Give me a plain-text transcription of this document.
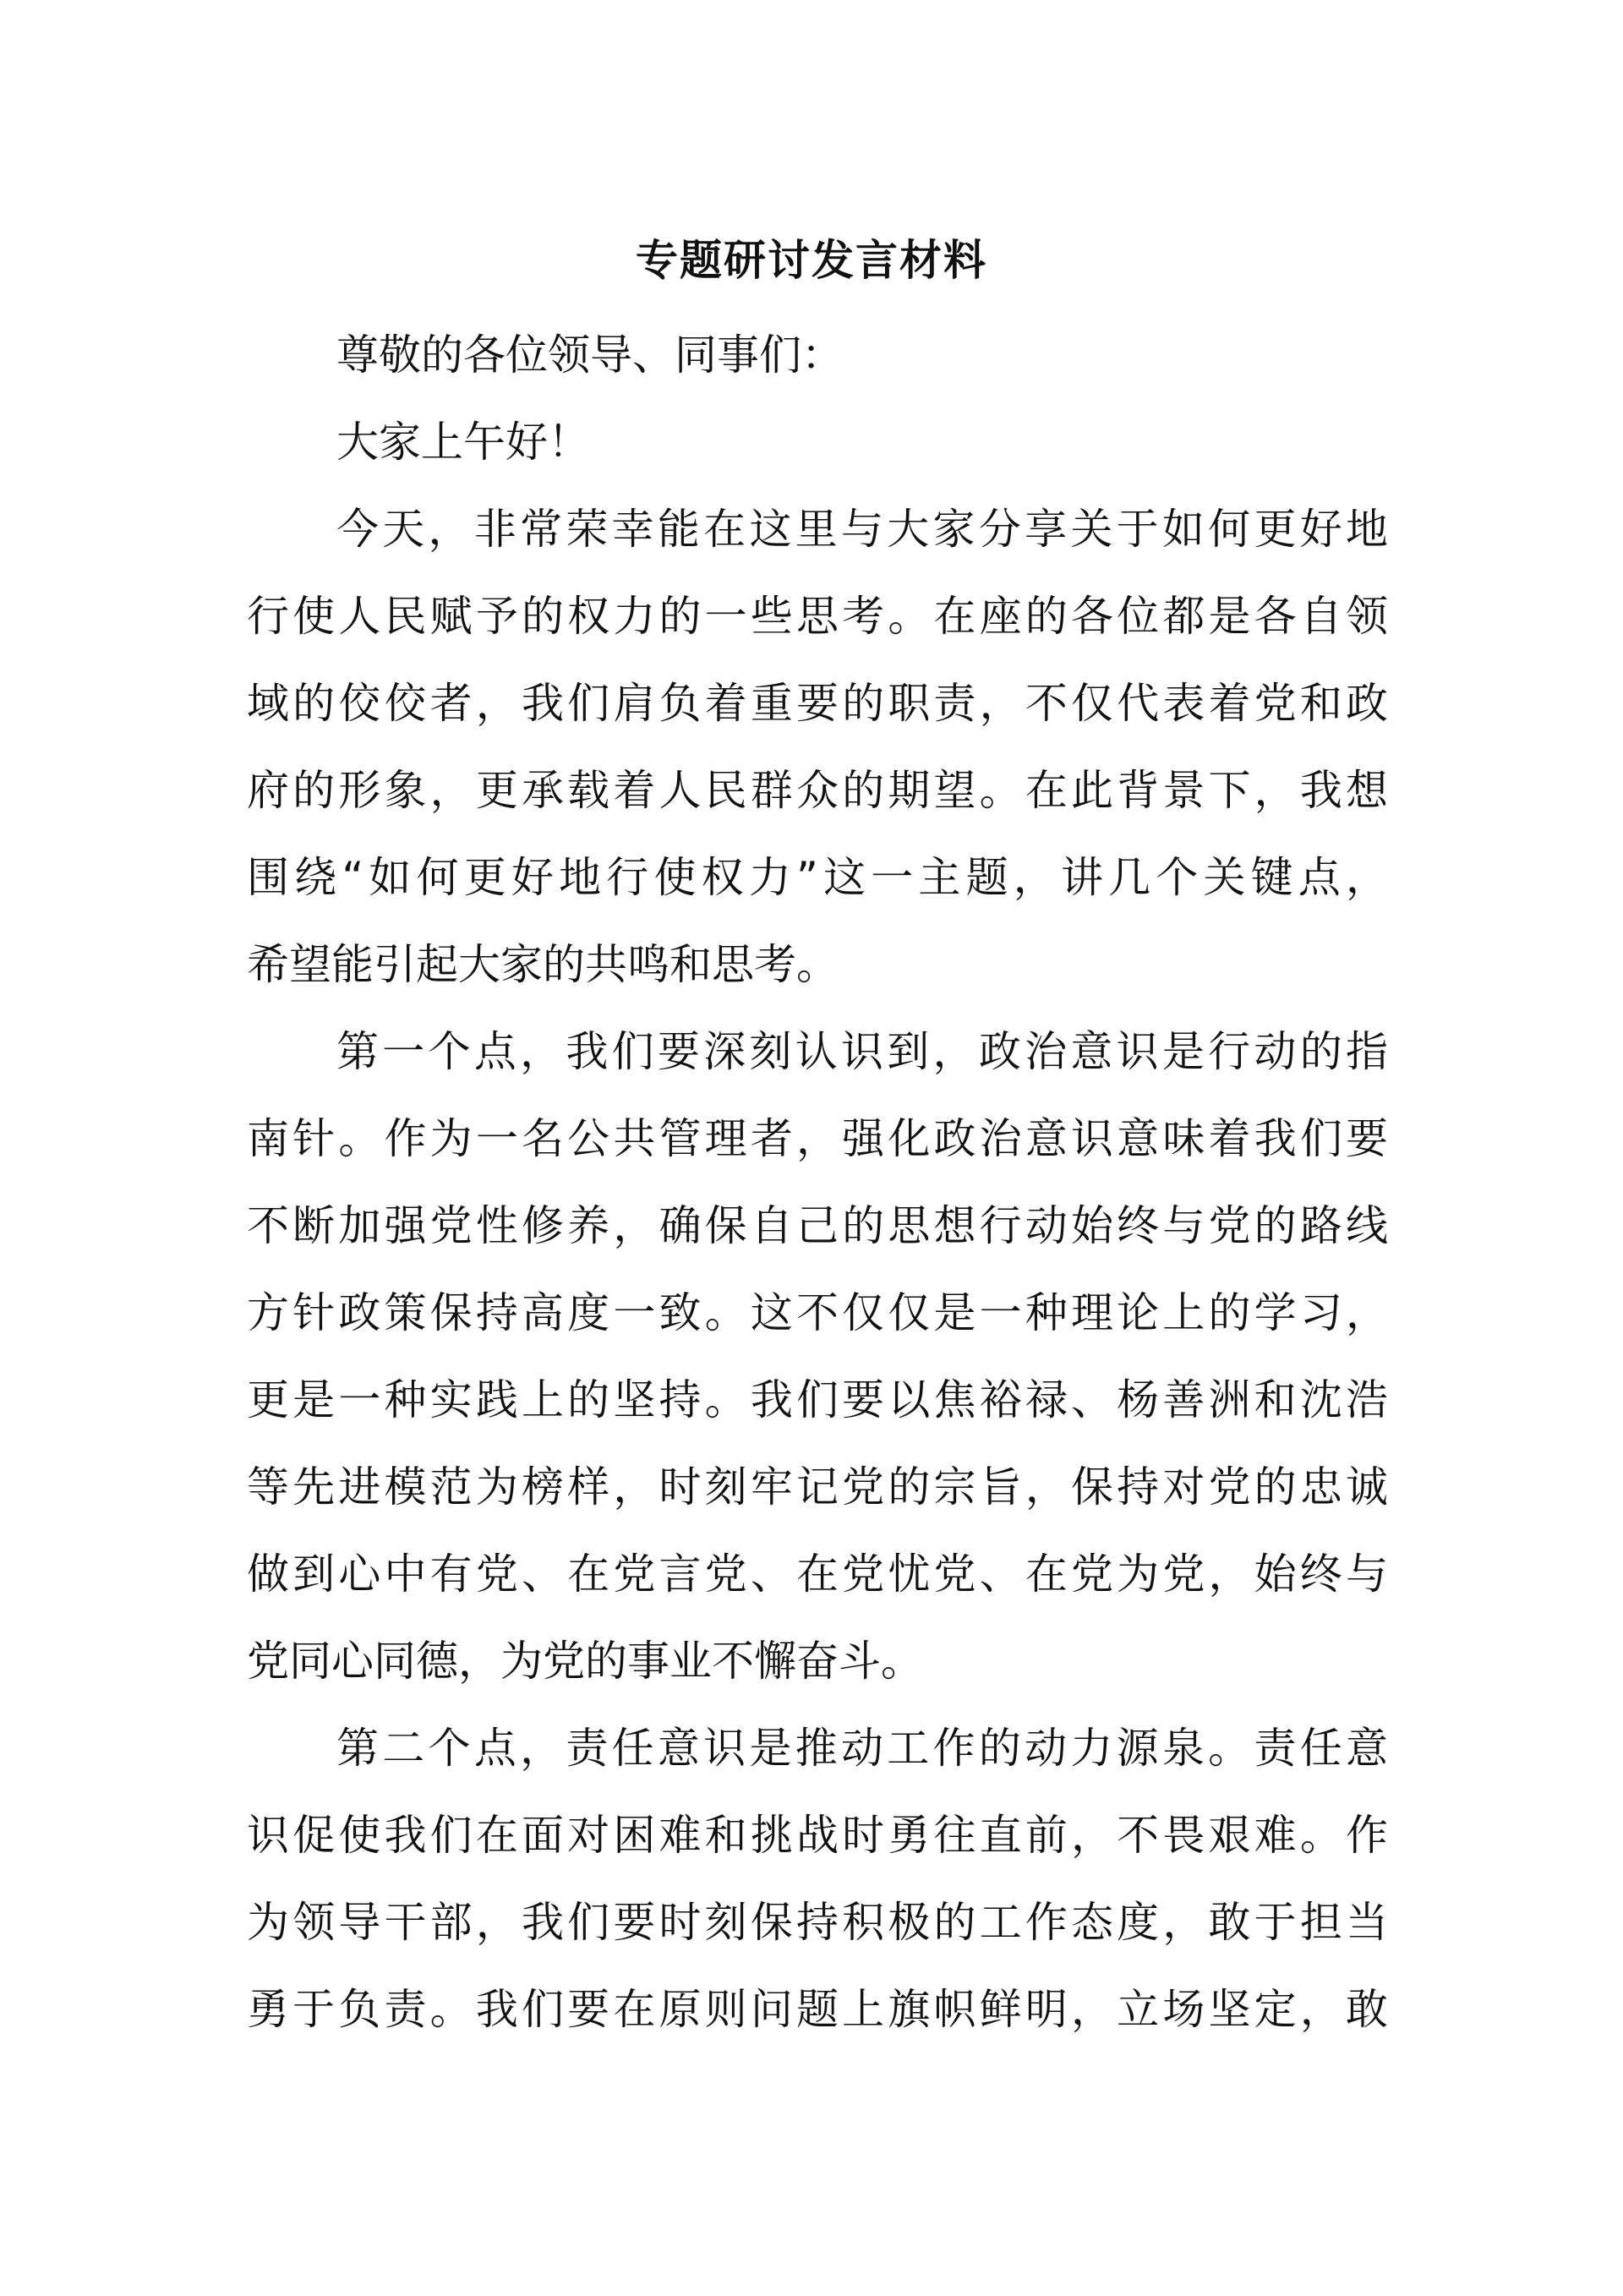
专题研讨发言材料
尊敬的各位领导、同事们：
大家上午好！
今天，非常荣幸能在这里与大家分享关于如何更好地
行使人民赋予的权力的一些思考。在座的各位都是各自领
域的佼佼者，我们肩负着重要的职责，不仅代表着党和政
府的形象，更承载着人民群众的期望。在此背景下，我想
围绕“如何更好地行使权力”这一主题，讲几个关键点，
希望能引起大家的共鸣和思考。
第一个点，我们要深刻认识到，政治意识是行动的指
南针。作为一名公共管理者，强化政治意识意味着我们要
不断加强党性修养，确保自己的思想行动始终与党的路线
方针政策保持高度一致。这不仅仅是一种理论上的学习，
更是一种实践上的坚持。我们要以焦裕禄、杨善洲和沈浩
等先进模范为榜样，时刻牢记党的宗旨，保持对党的忠诚
做到心中有党、在党言党、在党忧党、在党为党，始终与
党同心同德，为党的事业不懈奋斗。
第二个点，责任意识是推动工作的动力源泉。责任意
识促使我们在面对困难和挑战时勇往直前，不畏艰难。作
为领导干部，我们要时刻保持积极的工作态度，敢于担当
勇于负责。我们要在原则问题上旗帜鲜明，立场坚定，敢
